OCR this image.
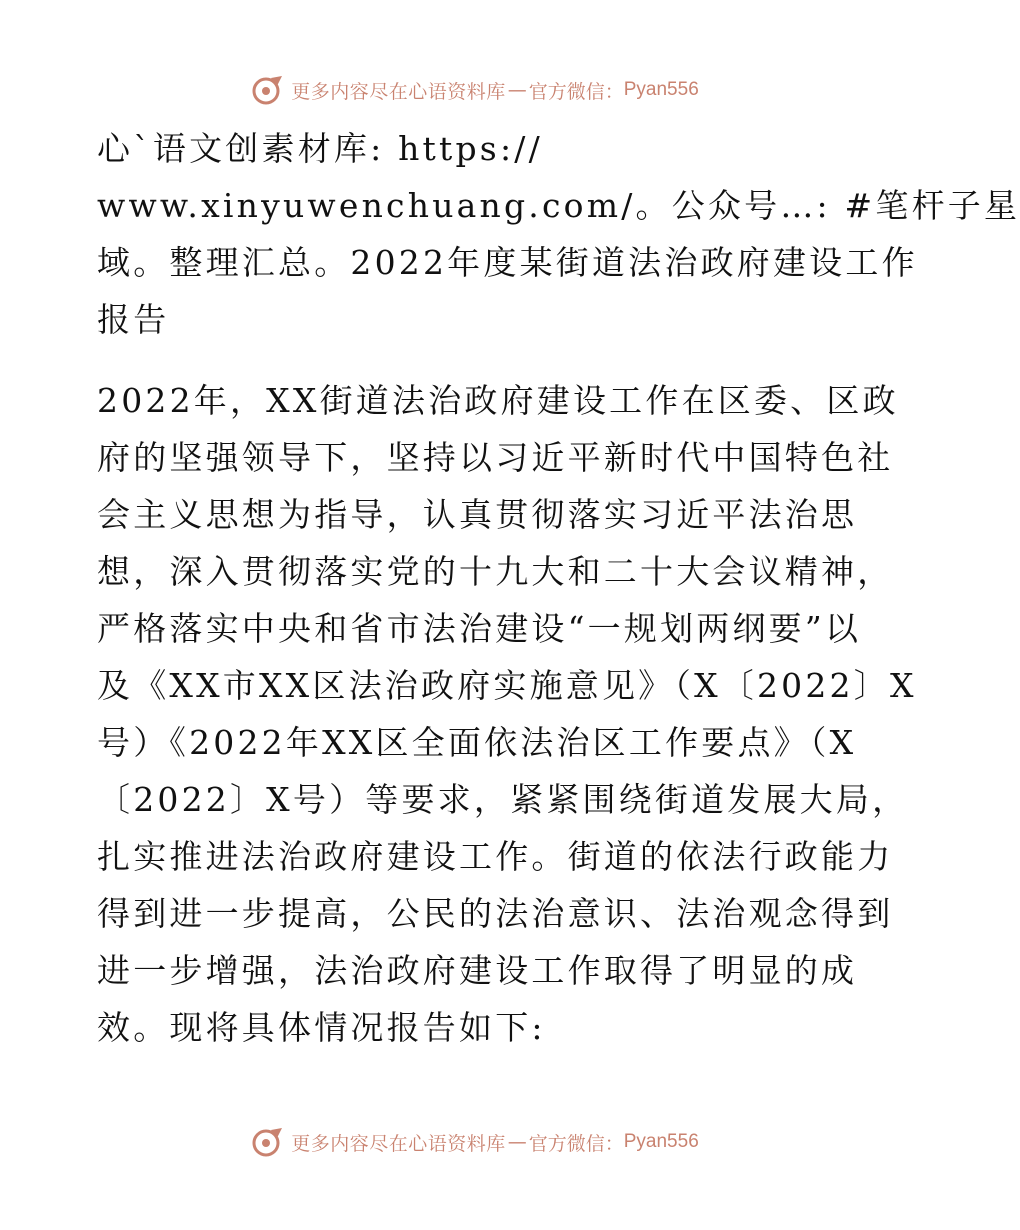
更多内容尽在心语资料库 — 官方微信： Pyan556
心`语文创素材库: https://
www.xinyuwenchuang.com/。公众号…: #笔杆子星
域。整理汇总。2022年度某街道法治政府建设工作
报告
2022年，XX街道法治政府建设工作在区委、区政
府的坚强领导下，坚持以习近平新时代中国特色社
会主义思想为指导，认真贯彻落实习近平法治思
想，深入贯彻落实党的十九大和二十大会议精神，
严格落实中央和省市法治建设“一规划两纲要”以
及《XX市XX区法治政府实施意见》（X〔2022〕X
号）《2022年XX区全面依法治区工作要点》（X
〔2022〕X号）等要求，紧紧围绕街道发展大局，
扎实推进法治政府建设工作。街道的依法行政能力
得到进一步提高，公民的法治意识、法治观念得到
进一步增强，法治政府建设工作取得了明显的成
效。现将具体情况报告如下:
更多内容尽在心语资料库 — 官方微信： Pyan556
